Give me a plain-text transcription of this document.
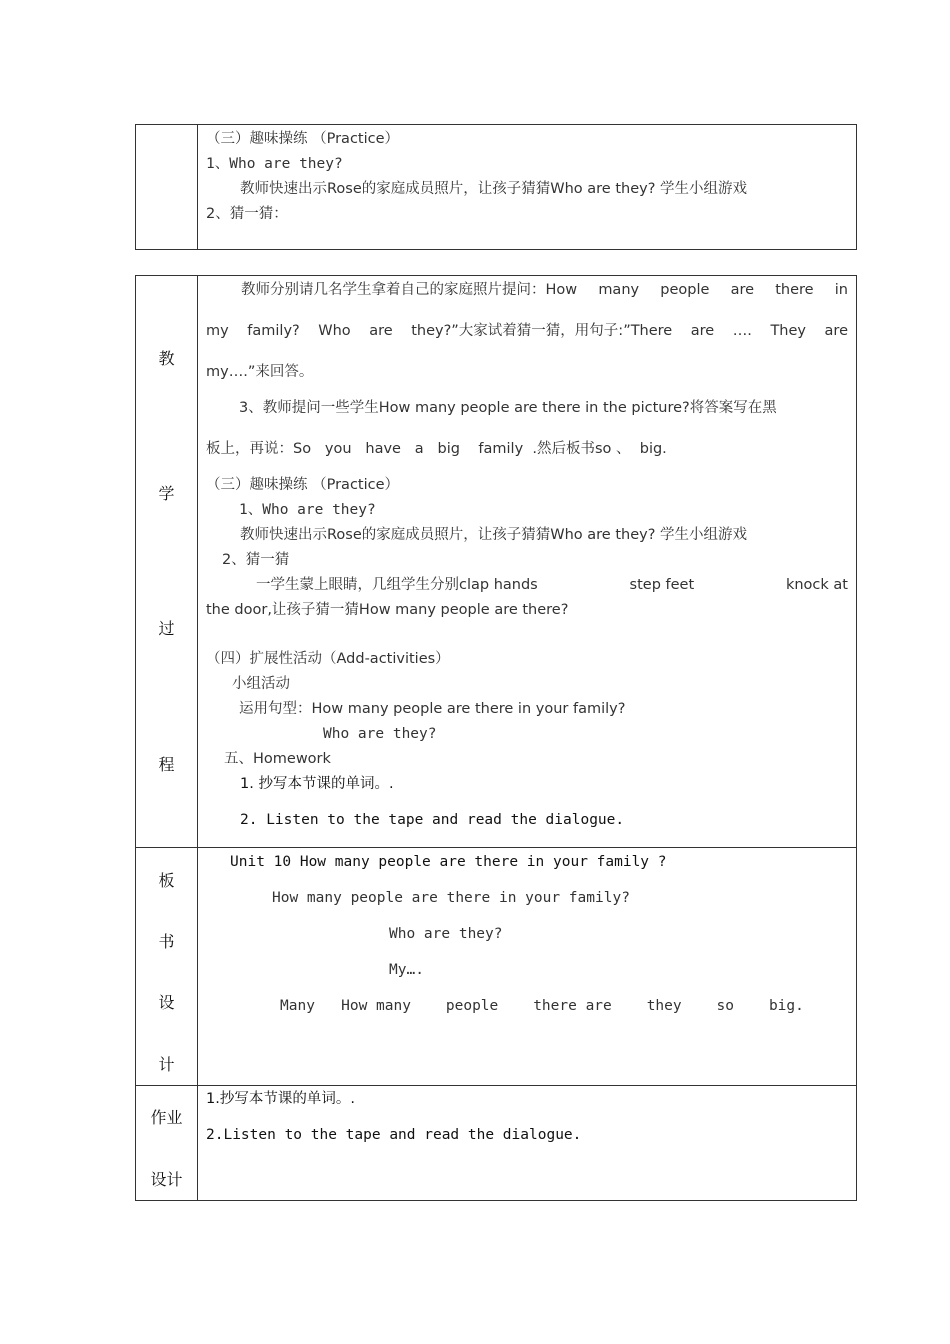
（三）趣味操练 （Practice）
1、Who are they?
教师快速出示Rose的家庭成员照片，让孩子猜猜Who are they? 学生小组游戏
2、猜一猜：
教
学
过
程
教师分别请几名学生拿着自己的家庭照片提问：How many people are there in
my family? Who are they?”大家试着猜一猜，用句子:”There are …. They are
my….”来回答。
3、教师提问一些学生How many people are there in the picture?将答案写在黑
板上，再说：So you have a big family .然后板书so 、 big.
（三）趣味操练 （Practice）
1、Who are they?
教师快速出示Rose的家庭成员照片，让孩子猜猜Who are they? 学生小组游戏
2、猜一猜
一学生蒙上眼睛，几组学生分别clap hands	step feet	knock at
the door,让孩子猜一猜How many people are there?
（四）扩展性活动（Add-activities）
小组活动
运用句型：How many people are there in your family?
Who are they?
五、Homework
1. 抄写本节课的单词。.
2. Listen to the tape and read the dialogue.
板
书
设
计
Unit 10 How many people are there in your family ?
How many people are there in your family?
Who are they?
My….
Many How many people there are they so big.
作业
设计
1.抄写本节课的单词。.
2.Listen to the tape and read the dialogue.
